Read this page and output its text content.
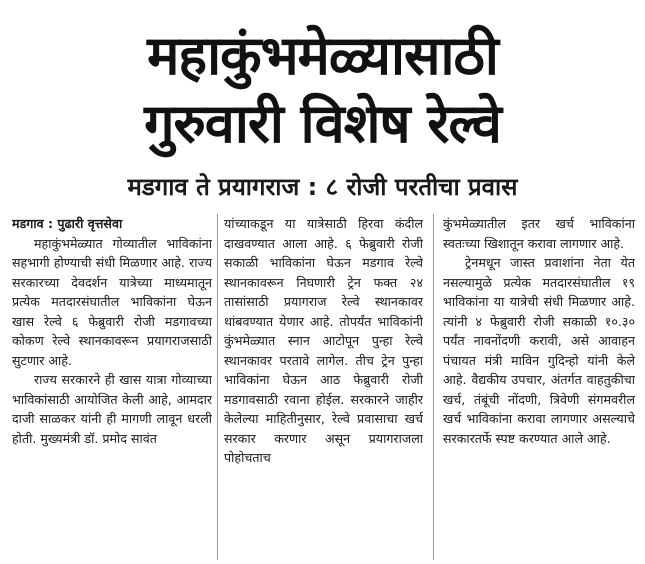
महाकुंभमेळ्यासाठी
गुरुवारी विशेष रेल्वे
मडगाव ते प्रयागराज : ८ रोजी परतीचा प्रवास

मडगाव : पुढारी वृत्तसेवा

महाकुंभमेळ्यात गोव्यातील भाविकांना सहभागी होण्याची संधी मिळणार आहे. राज्य सरकारच्या देवदर्शन यात्रेच्या माध्यमातून प्रत्येक मतदारसंघातील भाविकांना घेऊन खास रेल्वे ६ फेब्रुवारी रोजी मडगावच्या कोकण रेल्वे स्थानकावरून प्रयागराजसाठी सुटणार आहे.

राज्य सरकारने ही खास यात्रा गोव्याच्या भाविकांसाठी आयोजित केली आहे, आमदार दाजी साळकर यांनी ही मागणी लावून धरली होती. मुख्यमंत्री डॉ. प्रमोद सावंत

यांच्याकडून या यात्रेसाठी हिरवा कंदील दाखवण्यात आला आहे. ६ फेब्रुवारी रोजी सकाळी भाविकांना घेऊन मडगाव रेल्वे स्थानकावरून निघणारी ट्रेन फक्त २४ तासांसाठी प्रयागराज रेल्वे स्थानकावर थांबवण्यात येणार आहे. तोपर्यंत भाविकांनी कुंभमेळ्यात स्नान आटोपून पुन्हा रेल्वे स्थानकावर परतावे लागेल. तीच ट्रेन पुन्हा भाविकांना घेऊन आठ फेब्रुवारी रोजी मडगावसाठी रवाना होईल. सरकारने जाहीर केलेल्या माहितीनुसार, रेल्वे प्रवासाचा खर्च सरकार करणार असून प्रयागराजला पोहोचताच

कुंभमेळ्यातील इतर खर्च भाविकांना स्वतःच्या खिशातून करावा लागणार आहे.

ट्रेनमधून जास्त प्रवाशांना नेता येत नसल्यामुळे प्रत्येक मतदारसंघातील १९ भाविकांना या यात्रेची संधी मिळणार आहे. त्यांनी ४ फेब्रुवारी रोजी सकाळी १०.३० पर्यंत नावनोंदणी करावी, असे आवाहन पंचायत मंत्री माविन गुदिन्हो यांनी केले आहे. वैद्यकीय उपचार, अंतर्गत वाहतुकीचा खर्च, तंबूंची नोंदणी, त्रिवेणी संगमवरील खर्च भाविकांना करावा लागणार असल्याचे सरकारतर्फे स्पष्ट करण्यात आले आहे.
